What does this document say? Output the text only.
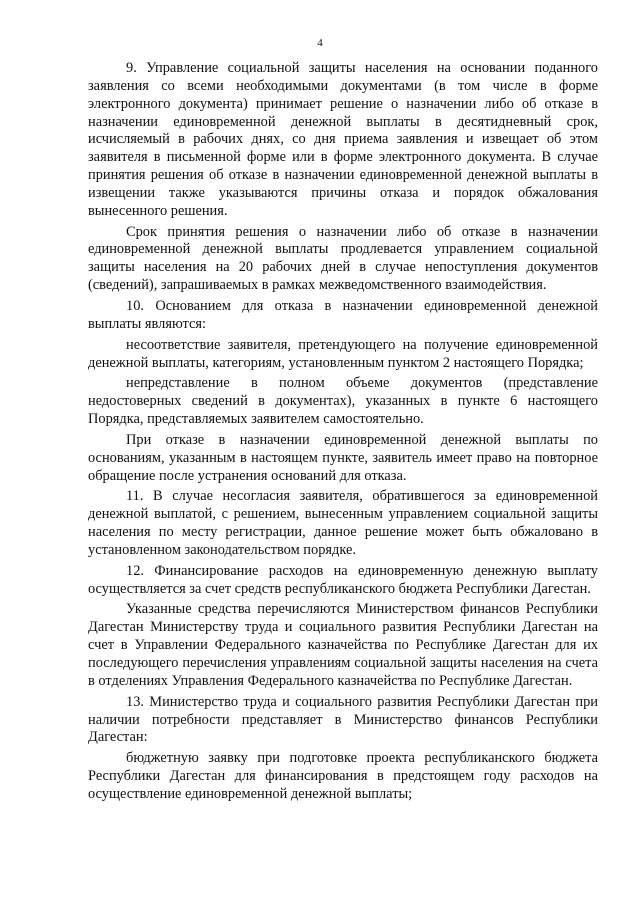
4

9. Управление социальной защиты населения на основании поданного заявления со всеми необходимыми документами (в том числе в форме электронного документа) принимает решение о назначении либо об отказе в назначении единовременной денежной выплаты в десятидневный срок, исчисляемый в рабочих днях, со дня приема заявления и извещает об этом заявителя в письменной форме или в форме электронного документа. В случае принятия решения об отказе в назначении единовременной денежной выплаты в извещении также указываются причины отказа и порядок обжалования вынесенного решения.

Срок принятия решения о назначении либо об отказе в назначении единовременной денежной выплаты продлевается управлением социальной защиты населения на 20 рабочих дней в случае непоступления документов (сведений), запрашиваемых в рамках межведомственного взаимодействия.

10. Основанием для отказа в назначении единовременной денежной выплаты являются:

несоответствие заявителя, претендующего на получение единовременной денежной выплаты, категориям, установленным пунктом 2 настоящего Порядка;

непредставление в полном объеме документов (представление недостоверных сведений в документах), указанных в пункте 6 настоящего Порядка, представляемых заявителем самостоятельно.

При отказе в назначении единовременной денежной выплаты по основаниям, указанным в настоящем пункте, заявитель имеет право на повторное обращение после устранения оснований для отказа.

11. В случае несогласия заявителя, обратившегося за единовременной денежной выплатой, с решением, вынесенным управлением социальной защиты населения по месту регистрации, данное решение может быть обжаловано в установленном законодательством порядке.

12. Финансирование расходов на единовременную денежную выплату осуществляется за счет средств республиканского бюджета Республики Дагестан.

Указанные средства перечисляются Министерством финансов Республики Дагестан Министерству труда и социального развития Республики Дагестан на счет в Управлении Федерального казначейства по Республике Дагестан для их последующего перечисления управлениям социальной защиты населения на счета в отделениях Управления Федерального казначейства по Республике Дагестан.

13. Министерство труда и социального развития Республики Дагестан при наличии потребности представляет в Министерство финансов Республики Дагестан:

бюджетную заявку при подготовке проекта республиканского бюджета Республики Дагестан для финансирования в предстоящем году расходов на осуществление единовременной денежной выплаты;
